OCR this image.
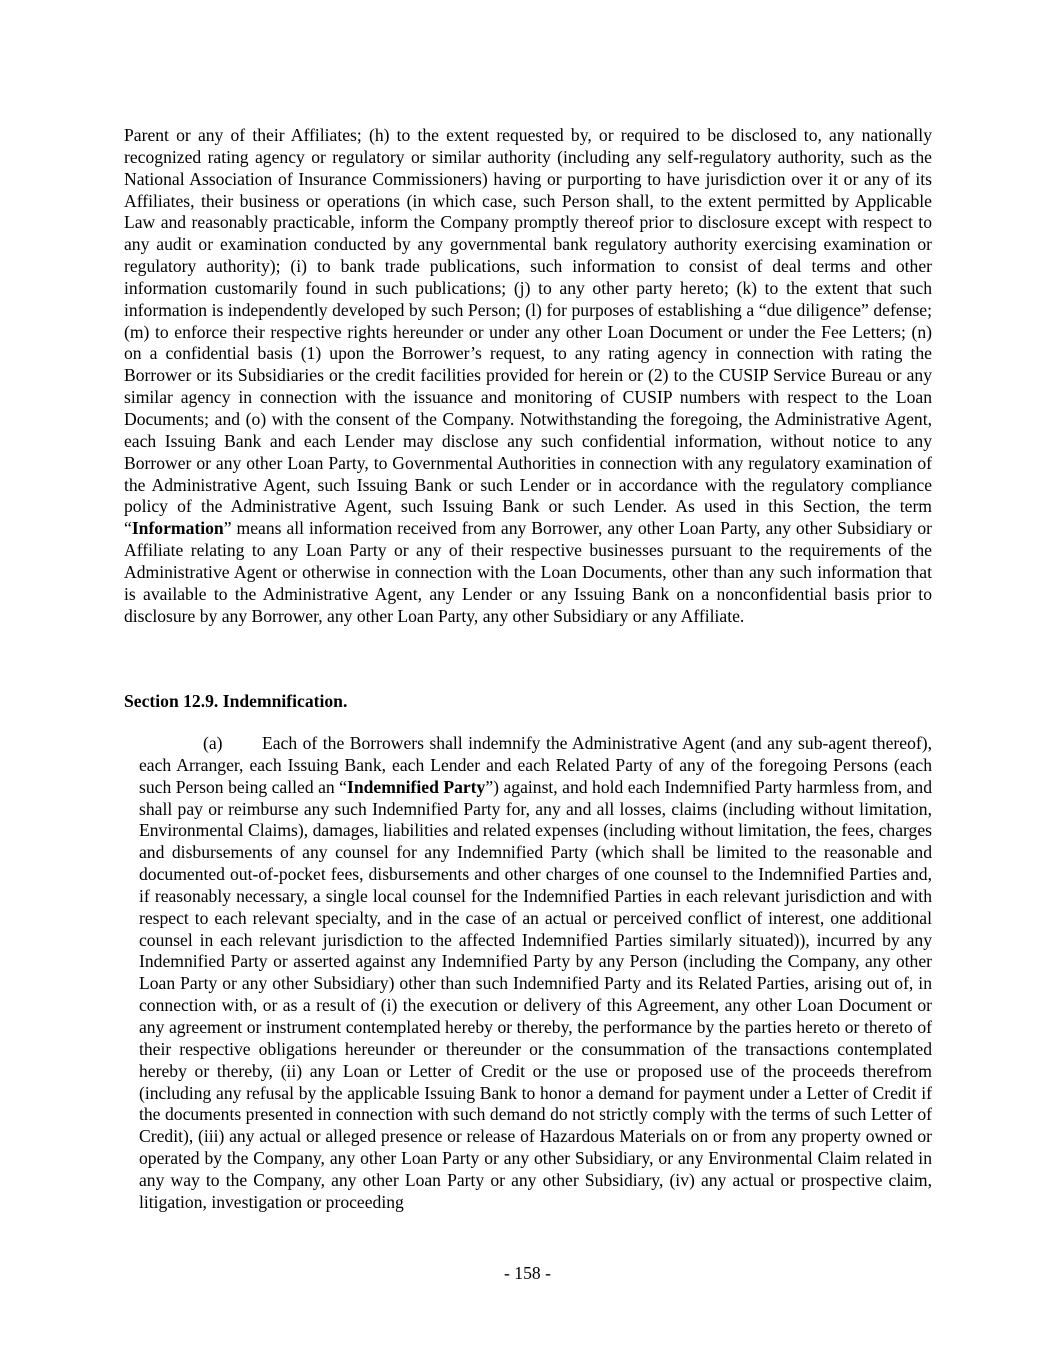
Parent or any of their Affiliates; (h) to the extent requested by, or required to be disclosed to, any nationally recognized rating agency or regulatory or similar authority (including any self-regulatory authority, such as the National Association of Insurance Commissioners) having or purporting to have jurisdiction over it or any of its Affiliates, their business or operations (in which case, such Person shall, to the extent permitted by Applicable Law and reasonably practicable, inform the Company promptly thereof prior to disclosure except with respect to any audit or examination conducted by any governmental bank regulatory authority exercising examination or regulatory authority); (i) to bank trade publications, such information to consist of deal terms and other information customarily found in such publications; (j) to any other party hereto; (k) to the extent that such information is independently developed by such Person; (l) for purposes of establishing a “due diligence” defense; (m) to enforce their respective rights hereunder or under any other Loan Document or under the Fee Letters; (n) on a confidential basis (1) upon the Borrower’s request, to any rating agency in connection with rating the Borrower or its Subsidiaries or the credit facilities provided for herein or (2) to the CUSIP Service Bureau or any similar agency in connection with the issuance and monitoring of CUSIP numbers with respect to the Loan Documents; and (o) with the consent of the Company. Notwithstanding the foregoing, the Administrative Agent, each Issuing Bank and each Lender may disclose any such confidential information, without notice to any Borrower or any other Loan Party, to Governmental Authorities in connection with any regulatory examination of the Administrative Agent, such Issuing Bank or such Lender or in accordance with the regulatory compliance policy of the Administrative Agent, such Issuing Bank or such Lender. As used in this Section, the term “Information” means all information received from any Borrower, any other Loan Party, any other Subsidiary or Affiliate relating to any Loan Party or any of their respective businesses pursuant to the requirements of the Administrative Agent or otherwise in connection with the Loan Documents, other than any such information that is available to the Administrative Agent, any Lender or any Issuing Bank on a nonconfidential basis prior to disclosure by any Borrower, any other Loan Party, any other Subsidiary or any Affiliate.

Section 12.9. Indemnification.

(a) Each of the Borrowers shall indemnify the Administrative Agent (and any sub-agent thereof), each Arranger, each Issuing Bank, each Lender and each Related Party of any of the foregoing Persons (each such Person being called an “Indemnified Party”) against, and hold each Indemnified Party harmless from, and shall pay or reimburse any such Indemnified Party for, any and all losses, claims (including without limitation, Environmental Claims), damages, liabilities and related expenses (including without limitation, the fees, charges and disbursements of any counsel for any Indemnified Party (which shall be limited to the reasonable and documented out-of-pocket fees, disbursements and other charges of one counsel to the Indemnified Parties and, if reasonably necessary, a single local counsel for the Indemnified Parties in each relevant jurisdiction and with respect to each relevant specialty, and in the case of an actual or perceived conflict of interest, one additional counsel in each relevant jurisdiction to the affected Indemnified Parties similarly situated)), incurred by any Indemnified Party or asserted against any Indemnified Party by any Person (including the Company, any other Loan Party or any other Subsidiary) other than such Indemnified Party and its Related Parties, arising out of, in connection with, or as a result of (i) the execution or delivery of this Agreement, any other Loan Document or any agreement or instrument contemplated hereby or thereby, the performance by the parties hereto or thereto of their respective obligations hereunder or thereunder or the consummation of the transactions contemplated hereby or thereby, (ii) any Loan or Letter of Credit or the use or proposed use of the proceeds therefrom (including any refusal by the applicable Issuing Bank to honor a demand for payment under a Letter of Credit if the documents presented in connection with such demand do not strictly comply with the terms of such Letter of Credit), (iii) any actual or alleged presence or release of Hazardous Materials on or from any property owned or operated by the Company, any other Loan Party or any other Subsidiary, or any Environmental Claim related in any way to the Company, any other Loan Party or any other Subsidiary, (iv) any actual or prospective claim, litigation, investigation or proceeding

- 158 -
